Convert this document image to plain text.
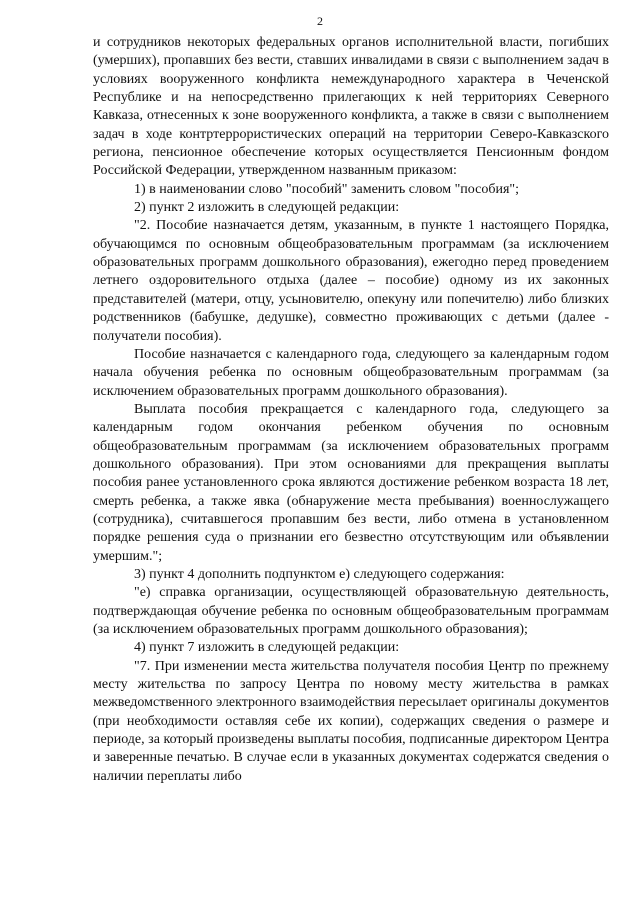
2

и сотрудников некоторых федеральных органов исполнительной власти, погибших (умерших), пропавших без вести, ставших инвалидами в связи с выполнением задач в условиях вооруженного конфликта немеждународного характера в Чеченской Республике и на непосредственно прилегающих к ней территориях Северного Кавказа, отнесенных к зоне вооруженного конфликта, а также в связи с выполнением задач в ходе контртеррористических операций на территории Северо-Кавказского региона, пенсионное обеспечение которых осуществляется Пенсионным фондом Российской Федерации, утвержденном названным приказом:

1) в наименовании слово "пособий" заменить словом "пособия";

2) пункт 2 изложить в следующей редакции:

"2. Пособие назначается детям, указанным, в пункте 1 настоящего Порядка, обучающимся по основным общеобразовательным программам (за исключением образовательных программ дошкольного образования), ежегодно перед проведением летнего оздоровительного отдыха (далее – пособие) одному из их законных представителей (матери, отцу, усыновителю, опекуну или попечителю) либо близких родственников (бабушке, дедушке), совместно проживающих с детьми (далее - получатели пособия).

Пособие назначается с календарного года, следующего за календарным годом начала обучения ребенка по основным общеобразовательным программам (за исключением образовательных программ дошкольного образования).

Выплата пособия прекращается с календарного года, следующего за календарным годом окончания ребенком обучения по основным общеобразовательным программам (за исключением образовательных программ дошкольного образования). При этом основаниями для прекращения выплаты пособия ранее установленного срока являются достижение ребенком возраста 18 лет, смерть ребенка, а также явка (обнаружение места пребывания) военнослужащего (сотрудника), считавшегося пропавшим без вести, либо отмена в установленном порядке решения суда о признании его безвестно отсутствующим или объявлении умершим.";

3) пункт 4 дополнить подпунктом е) следующего содержания:

"е) справка организации, осуществляющей образовательную деятельность, подтверждающая обучение ребенка по основным общеобразовательным программам (за исключением образовательных программ дошкольного образования);

4) пункт 7 изложить в следующей редакции:

"7. При изменении места жительства получателя пособия Центр по прежнему месту жительства по запросу Центра по новому месту жительства в рамках межведомственного электронного взаимодействия пересылает оригиналы документов (при необходимости оставляя себе их копии), содержащих сведения о размере и периоде, за который произведены выплаты пособия, подписанные директором Центра и заверенные печатью. В случае если в указанных документах содержатся сведения о наличии переплаты либо
